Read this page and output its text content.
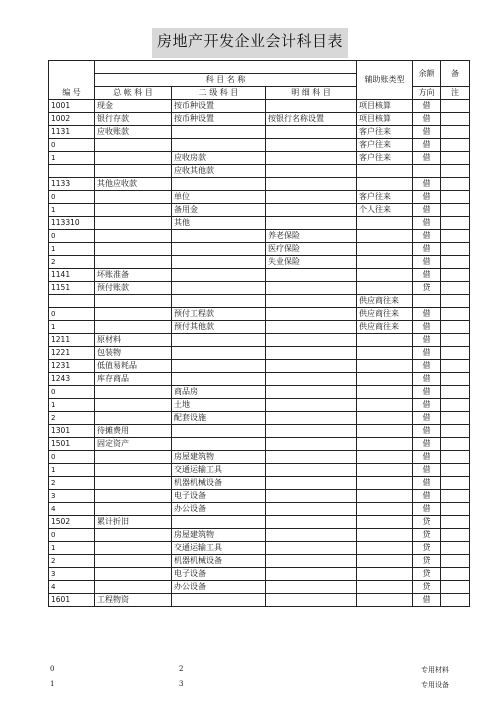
房地产开发企业会计科目表
编 号				辅助账类型	余额	备
	科 目 名 称					
	总 帐 科 目	二 级 科 目	明 细 科 目		方向	注
1001	现金	按币种设置		项目核算	借	
1002	银行存款	按币种设置	按银行名称设置	项目核算	借	
1131	应收账款			客户往来	借	
0				客户往来	借	
1		应收房款		客户往来	借	
		应收其他款				
1133	其他应收款				借	
0		单位		客户往来	借	
1		备用金		个人往来	借	
113310		其他			借	
0			养老保险		借	
1			医疗保险		借	
2			失业保险		借	
1141	坏账准备				借	
1151	预付账款				贷	
				供应商往来		
0		预付工程款		供应商往来	借	
1		预付其他款		供应商往来	借	
1211	原材料				借	
1221	包装物				借	
1231	低值易耗品				借	
1243	库存商品				借	
0		商品房			借	
1		土地			借	
2		配套设施			借	
1301	待摊费用				借	
1501	固定资产				借	
0		房屋建筑物			借	
1		交通运输工具			借	
2		机器机械设备			借	
3		电子设备			借	
4		办公设备			借	
1502	累计折旧				贷	
0		房屋建筑物			贷	
1		交通运输工具			贷	
2		机器机械设备			贷	
3		电子设备			贷	
4		办公设备			贷	
1601	工程物资				借	
0	2	专用材料
1	3	专用设备
